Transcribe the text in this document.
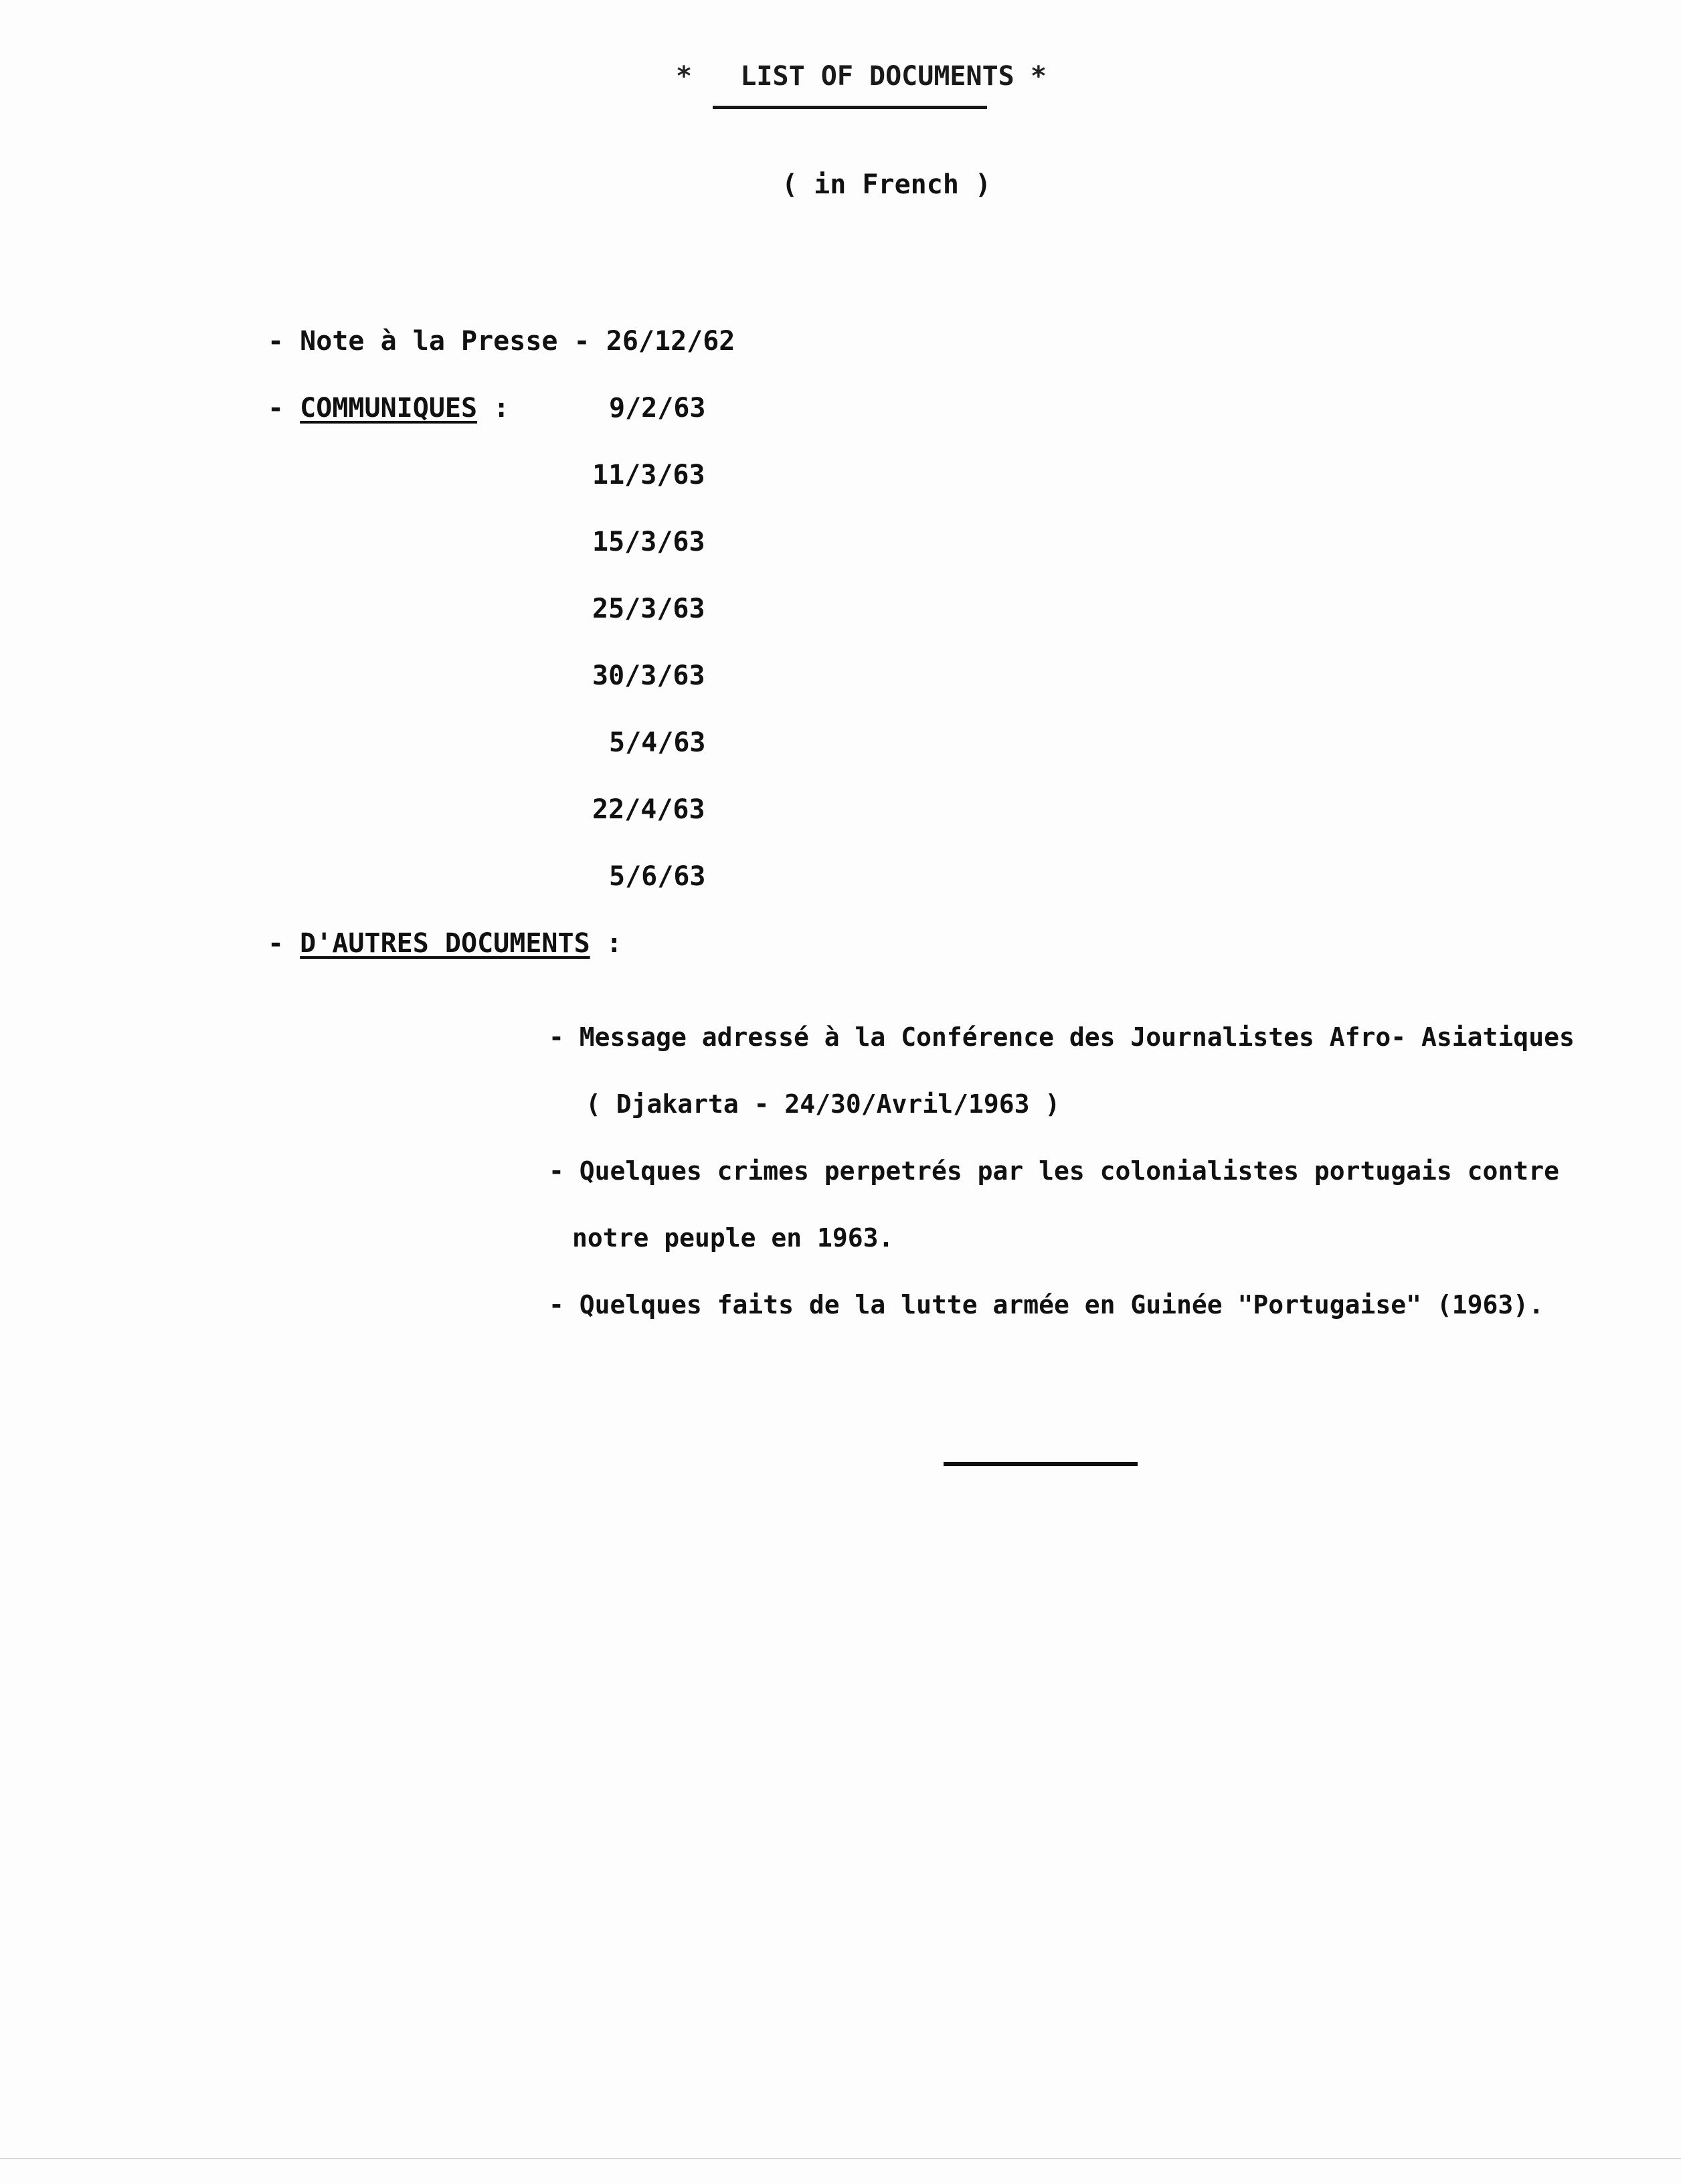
* LIST OF DOCUMENTS *
( in French )
- Note à la Presse - 26/12/62
- COMMUNIQUES :	9/2/63
11/3/63
15/3/63
25/3/63
30/3/63
5/4/63
22/4/63
5/6/63
- D'AUTRES DOCUMENTS :
- Message adressé à la Conférence des Journalistes Afro- Asiatiques
( Djakarta - 24/30/Avril/1963 )
- Quelques crimes perpetrés par les colonialistes portugais contre
notre peuple en 1963.
- Quelques faits de la lutte armée en Guinée "Portugaise" (1963).
